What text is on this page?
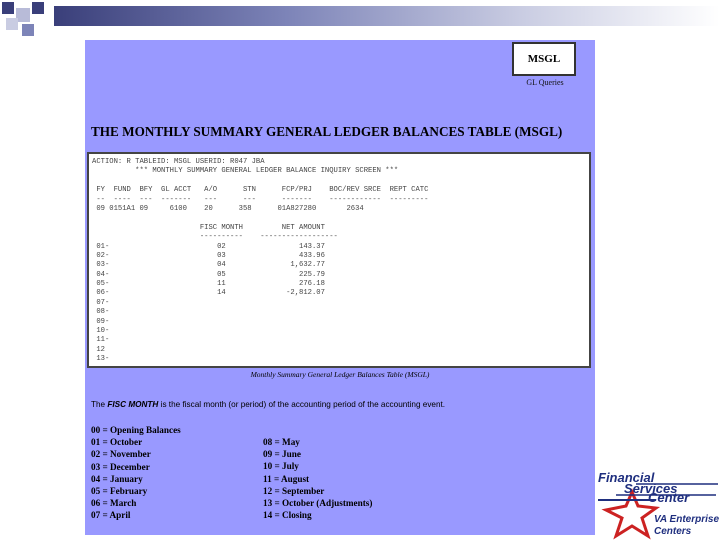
MSGL
GL Queries
THE MONTHLY SUMMARY GENERAL LEDGER BALANCES TABLE (MSGL)
ACTION: R TABLEID: MSGL USERID: R047 JBA
*** MONTHLY SUMMARY GENERAL LEDGER BALANCE INQUIRY SCREEN ***
FY  FUND  BFY  GL ACCT   A/O      STN      FCP/PRJ    BOC/REV SRCE  REPT CATC
--  ----  ---  -------   ---      ---      -------    ------------  ---------
09 0151A1 09     6100    20      358      01A827280       2634
FISC MONTH         NET AMOUNT
----------    ------------------
01-                         02                 143.37
02-                         03                 433.96
03-                         04               1,632.77
04-                         05                 225.79
05-                         11                 276.18
06-                         14              -2,812.07
07-
08-
09-
10-
11-
12
13-
Monthly Summary General Ledger Balances Table (MSGL)
The FISC MONTH is the fiscal month (or period) of the accounting period of the accounting event.
00 = Opening Balances
01 = October
02 = November
03 = December
04 = January
05 = February
06 = March
07 = April
08 = May
09 = June
10 = July
11 = August
12 = September
13 = October (Adjustments)
14 = Closing
Financial
Services
Center
VA Enterprise
Centers
